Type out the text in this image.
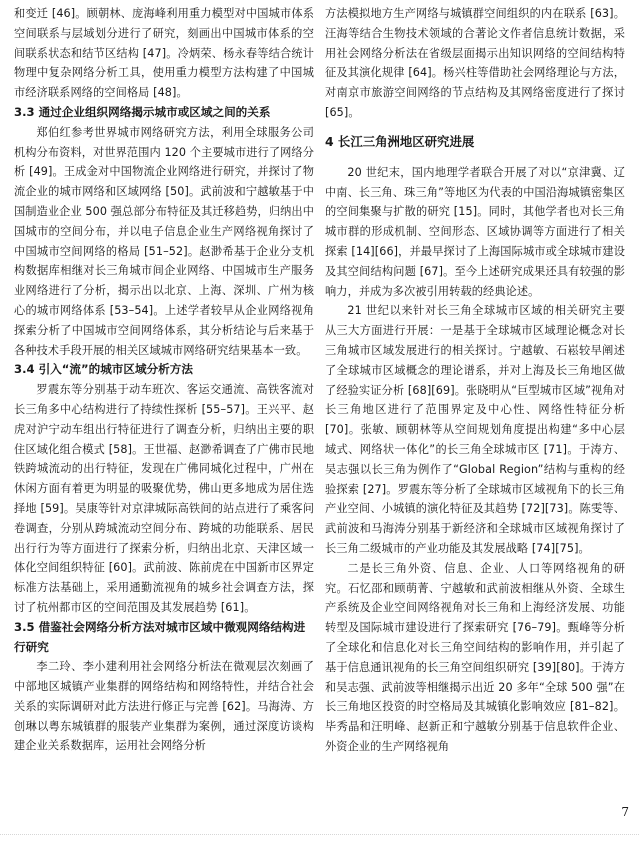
和变迁 [46]。顾朝林、庞海峰利用重力模型对中国城市体系空间联系与层域划分进行了研究，刻画出中国城市体系的空间联系状态和结节区结构 [47]。冷炳荣、杨永春等结合统计物理中复杂网络分析工具，使用重力模型方法构建了中国城市经济联系网络的空间格局 [48]。

3.3 通过企业组织网络揭示城市或区域之间的关系

郑伯红参考世界城市网络研究方法，利用全球服务公司机构分布资料，对世界范围内 120 个主要城市进行了网络分析 [49]。王成金对中国物流企业网络进行研究，并探讨了物流企业的城市网络和区域网络 [50]。武前波和宁越敏基于中国制造业企业 500 强总部分布特征及其迁移趋势，归纳出中国城市的空间分布，并以电子信息企业生产网络视角探讨了中国城市空间网络的格局 [51–52]。赵渺希基于企业分支机构数据库相继对长三角城市间企业网络、中国城市生产服务业网络进行了分析，揭示出以北京、上海、深圳、广州为核心的城市网络体系 [53–54]。上述学者较早从企业网络视角探索分析了中国城市空间网络体系，其分析结论与后来基于各种技术手段开展的相关区域城市网络研究结果基本一致。

3.4 引入“流”的城市区域分析方法

罗震东等分别基于动车班次、客运交通流、高铁客流对长三角多中心结构进行了持续性探析 [55–57]。王兴平、赵虎对沪宁动车组出行特征进行了调查分析，归纳出主要的职住区域化组合模式 [58]。王世福、赵渺希调查了广佛市民地铁跨城流动的出行特征，发现在广佛同城化过程中，广州在休闲方面有着更为明显的吸聚优势，佛山更多地成为居住选择地 [59]。吴康等针对京津城际高铁间的站点进行了乘客问卷调查，分别从跨城流动空间分布、跨城的功能联系、居民出行行为等方面进行了探索分析，归纳出北京、天津区域一体化空间组织特征 [60]。武前波、陈前虎在中国新市区界定标准方法基础上，采用通勤流视角的城乡社会调查方法，探讨了杭州都市区的空间范围及其发展趋势 [61]。

3.5 借鉴社会网络分析方法对城市区域中微观网络结构进行研究

李二玲、李小建利用社会网络分析法在微观层次刻画了中部地区城镇产业集群的网络结构和网络特性，并结合社会关系的实际调研对此方法进行修正与完善 [62]。马海涛、方创琳以粤东城镇群的服装产业集群为案例，通过深度访谈构建企业关系数据库，运用社会网络分析

方法模拟地方生产网络与城镇群空间组织的内在联系 [63]。汪海等结合生物技术领域的合著论文作者信息统计数据，采用社会网络分析法在省级层面揭示出知识网络的空间结构特征及其演化规律 [64]。杨兴柱等借助社会网络理论与方法，对南京市旅游空间网络的节点结构及其网络密度进行了探讨 [65]。

4 长江三角洲地区研究进展

20 世纪末，国内地理学者联合开展了对以“京津冀、辽中南、长三角、珠三角”等地区为代表的中国沿海城镇密集区的空间集聚与扩散的研究 [15]。同时，其他学者也对长三角城市群的形成机制、空间形态、区域协调等方面进行了相关探索 [14][66]，并最早探讨了上海国际城市或全球城市建设及其空间结构问题 [67]。至今上述研究成果还具有较强的影响力，并成为多次被引用转载的经典论述。

21 世纪以来针对长三角全球城市区域的相关研究主要从三大方面进行开展：一是基于全球城市区域理论概念对长三角城市区域发展进行的相关探讨。宁越敏、石崧较早阐述了全球城市区域概念的理论谱系，并对上海及长三角地区做了经验实证分析 [68][69]。张晓明从“巨型城市区域”视角对长三角地区进行了范围界定及中心性、网络性特征分析 [70]。张敏、顾朝林等从空间规划角度提出构建“多中心层域式、网络状一体化”的长三角全球城市区 [71]。于涛方、吴志强以长三角为例作了“Global Region”结构与重构的经验探索 [27]。罗震东等分析了全球城市区域视角下的长三角产业空间、小城镇的演化特征及其趋势 [72][73]。陈雯等、武前波和马海涛分别基于新经济和全球城市区域视角探讨了长三角二级城市的产业功能及其发展战略 [74][75]。

二是长三角外资、信息、企业、人口等网络视角的研究。石忆邵和顾萌菁、宁越敏和武前波相继从外资、全球生产系统及企业空间网络视角对长三角和上海经济发展、功能转型及国际城市建设进行了探索研究 [76–79]。甄峰等分析了全球化和信息化对长三角空间结构的影响作用，并引起了基于信息通讯视角的长三角空间组织研究 [39][80]。于涛方和吴志强、武前波等相继揭示出近 20 多年“全球 500 强”在长三角地区投资的时空格局及其城镇化影响效应 [81–82]。毕秀晶和汪明峰、赵新正和宁越敏分别基于信息软件企业、外资企业的生产网络视角

7
